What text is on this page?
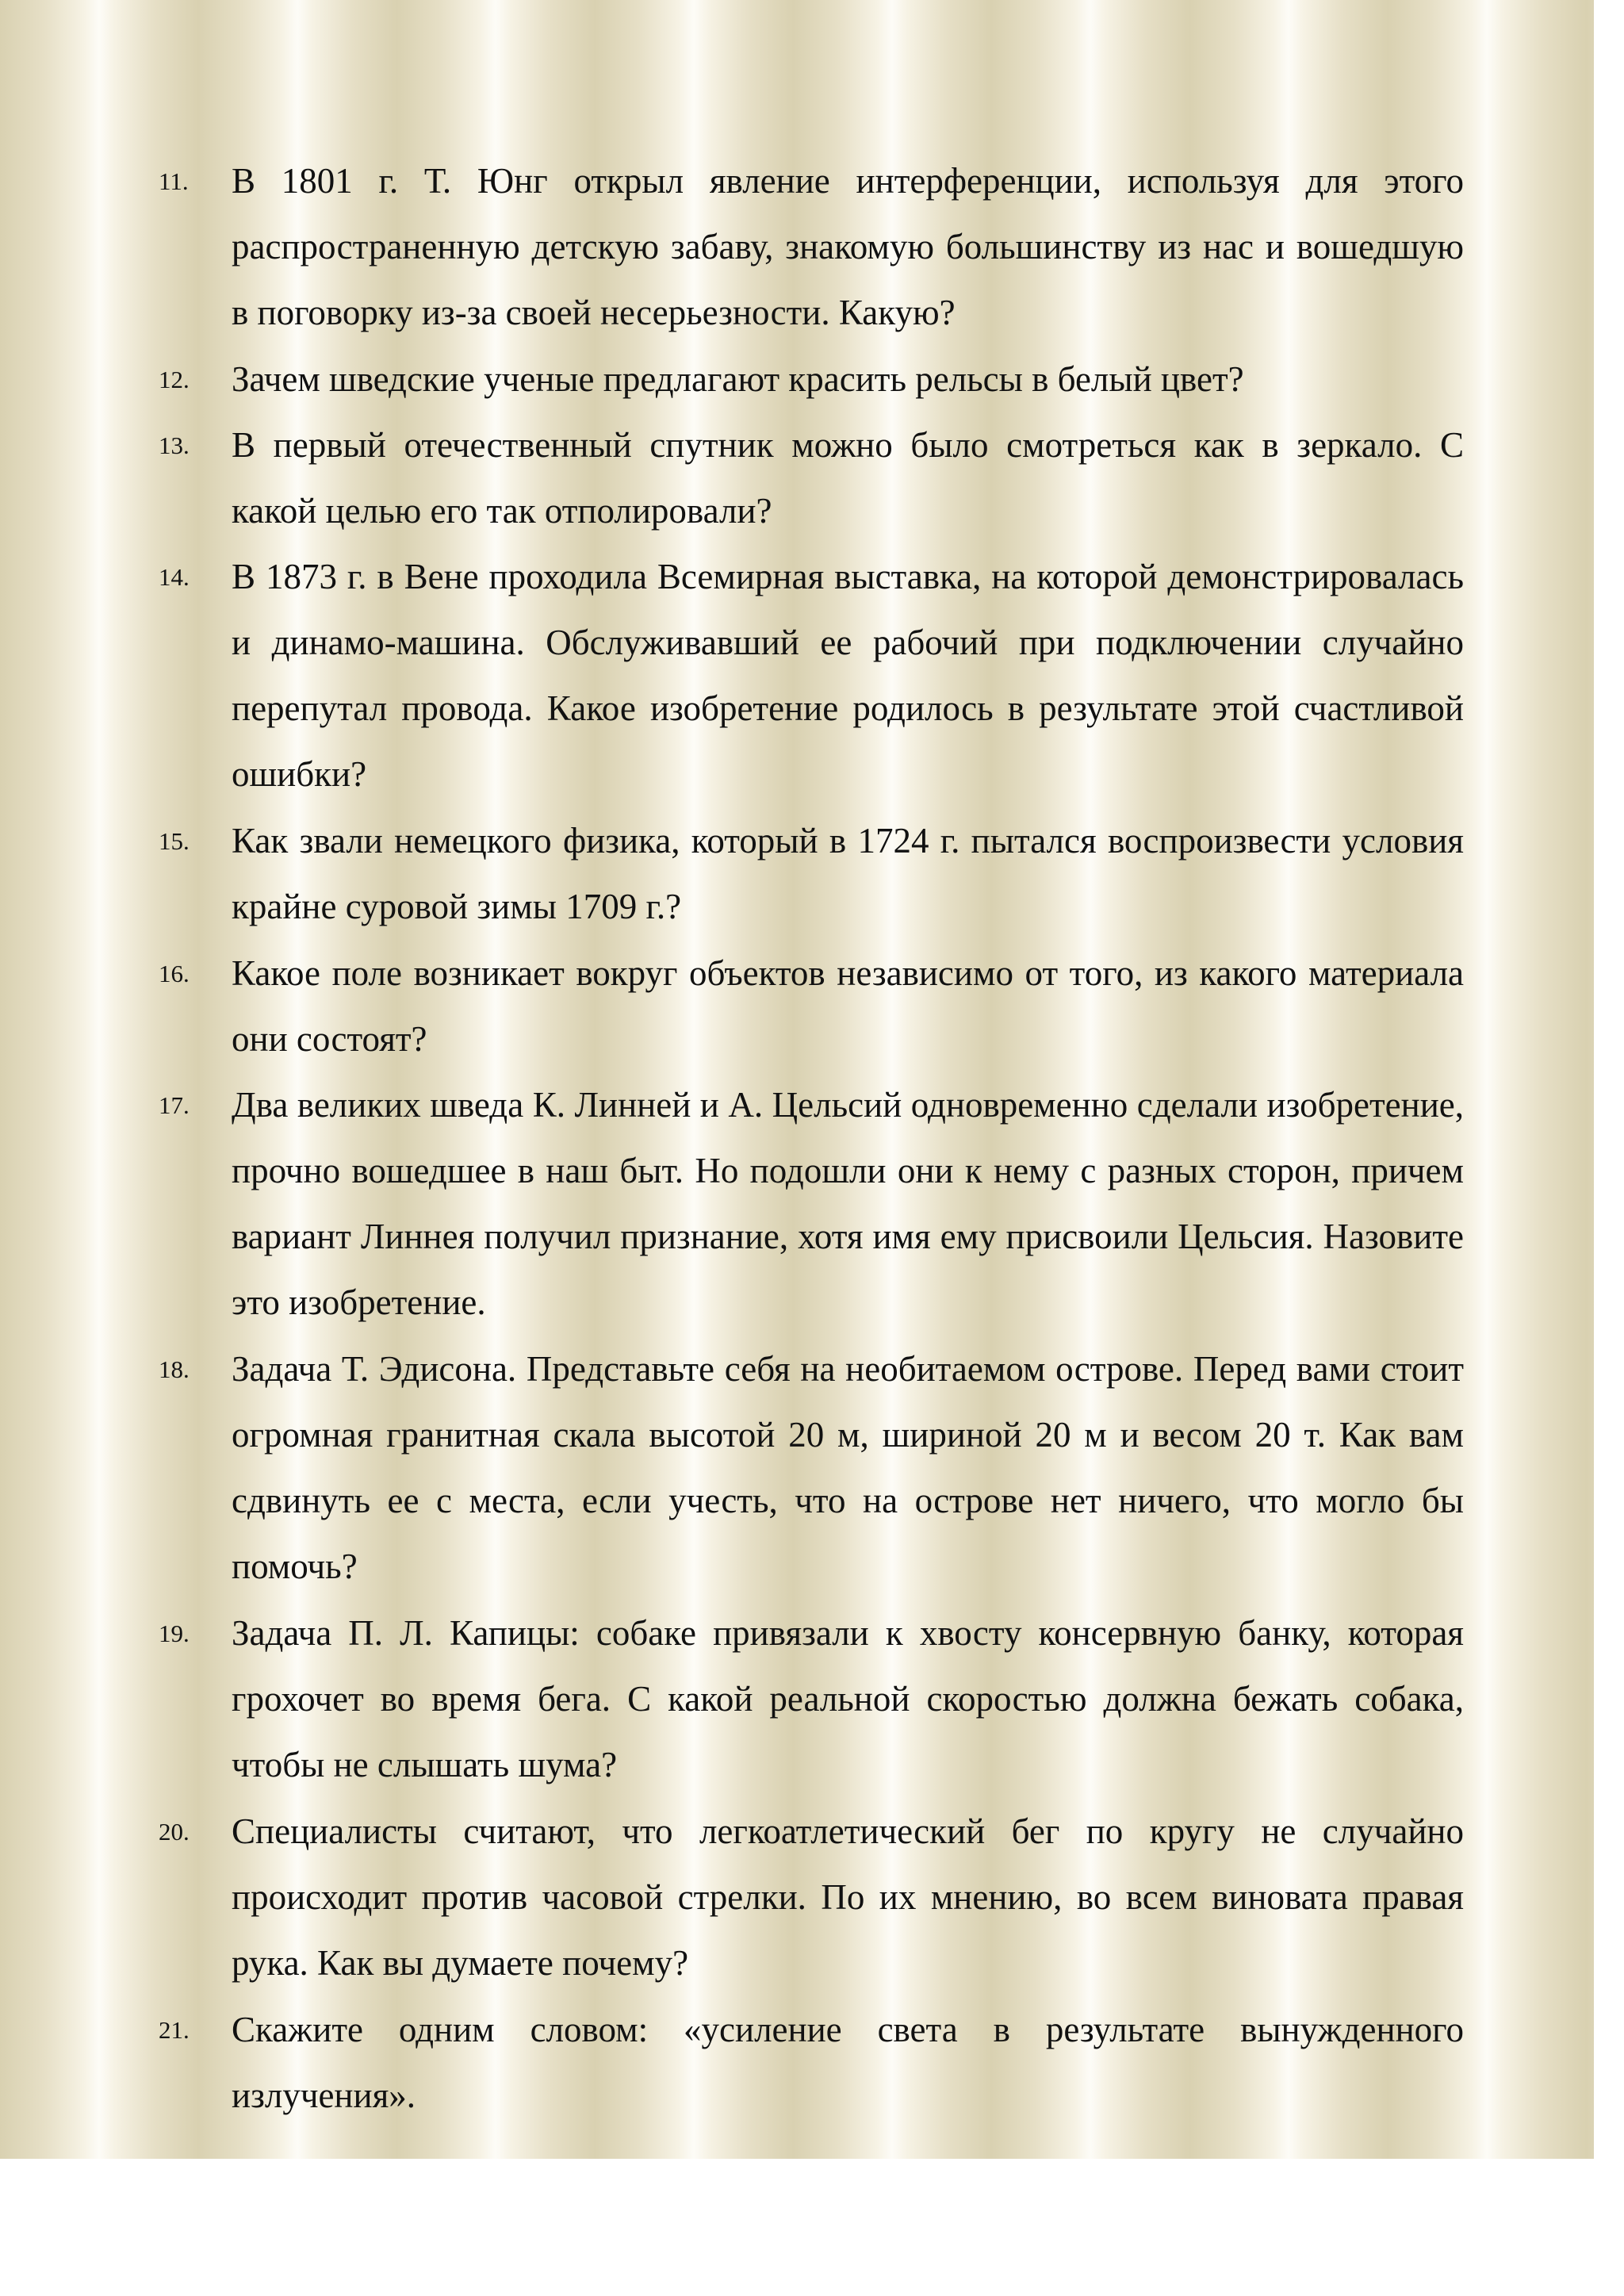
11. В 1801 г. Т. Юнг открыл явление интерференции, используя для этого распространенную детскую забаву, знакомую большинству из нас и вошедшую в поговорку из-за своей несерьезности. Какую?

12. Зачем шведские ученые предлагают красить рельсы в белый цвет?

13. В первый отечественный спутник можно было смотреться как в зеркало. С какой целью его так отполировали?

14. В 1873 г. в Вене проходила Всемирная выставка, на которой демонстрировалась и динамо-машина. Обслуживавший ее рабочий при подключении случайно перепутал провода. Какое изобретение родилось в результате этой счастливой ошибки?

15. Как звали немецкого физика, который в 1724 г. пытался воспроизвести условия крайне суровой зимы 1709 г.?

16. Какое поле возникает вокруг объектов независимо от того, из какого материала они состоят?

17. Два великих шведа К. Линней и А. Цельсий одновременно сделали изобретение, прочно вошедшее в наш быт. Но подошли они к нему с разных сторон, причем вариант Линнея получил признание, хотя имя ему присвоили Цельсия. Назовите это изобретение.

18. Задача Т. Эдисона. Представьте себя на необитаемом острове. Перед вами стоит огромная гранитная скала высотой 20 м, шириной 20 м и весом 20 т. Как вам сдвинуть ее с места, если учесть, что на острове нет ничего, что могло бы помочь?

19. Задача П. Л. Капицы: собаке привязали к хвосту консервную банку, которая грохочет во время бега. С какой реальной скоростью должна бежать собака, чтобы не слышать шума?

20. Специалисты считают, что легкоатлетический бег по кругу не случайно происходит против часовой стрелки. По их мнению, во всем виновата правая рука. Как вы думаете почему?

21. Скажите одним словом: «усиление света в результате вынужденного излучения».
